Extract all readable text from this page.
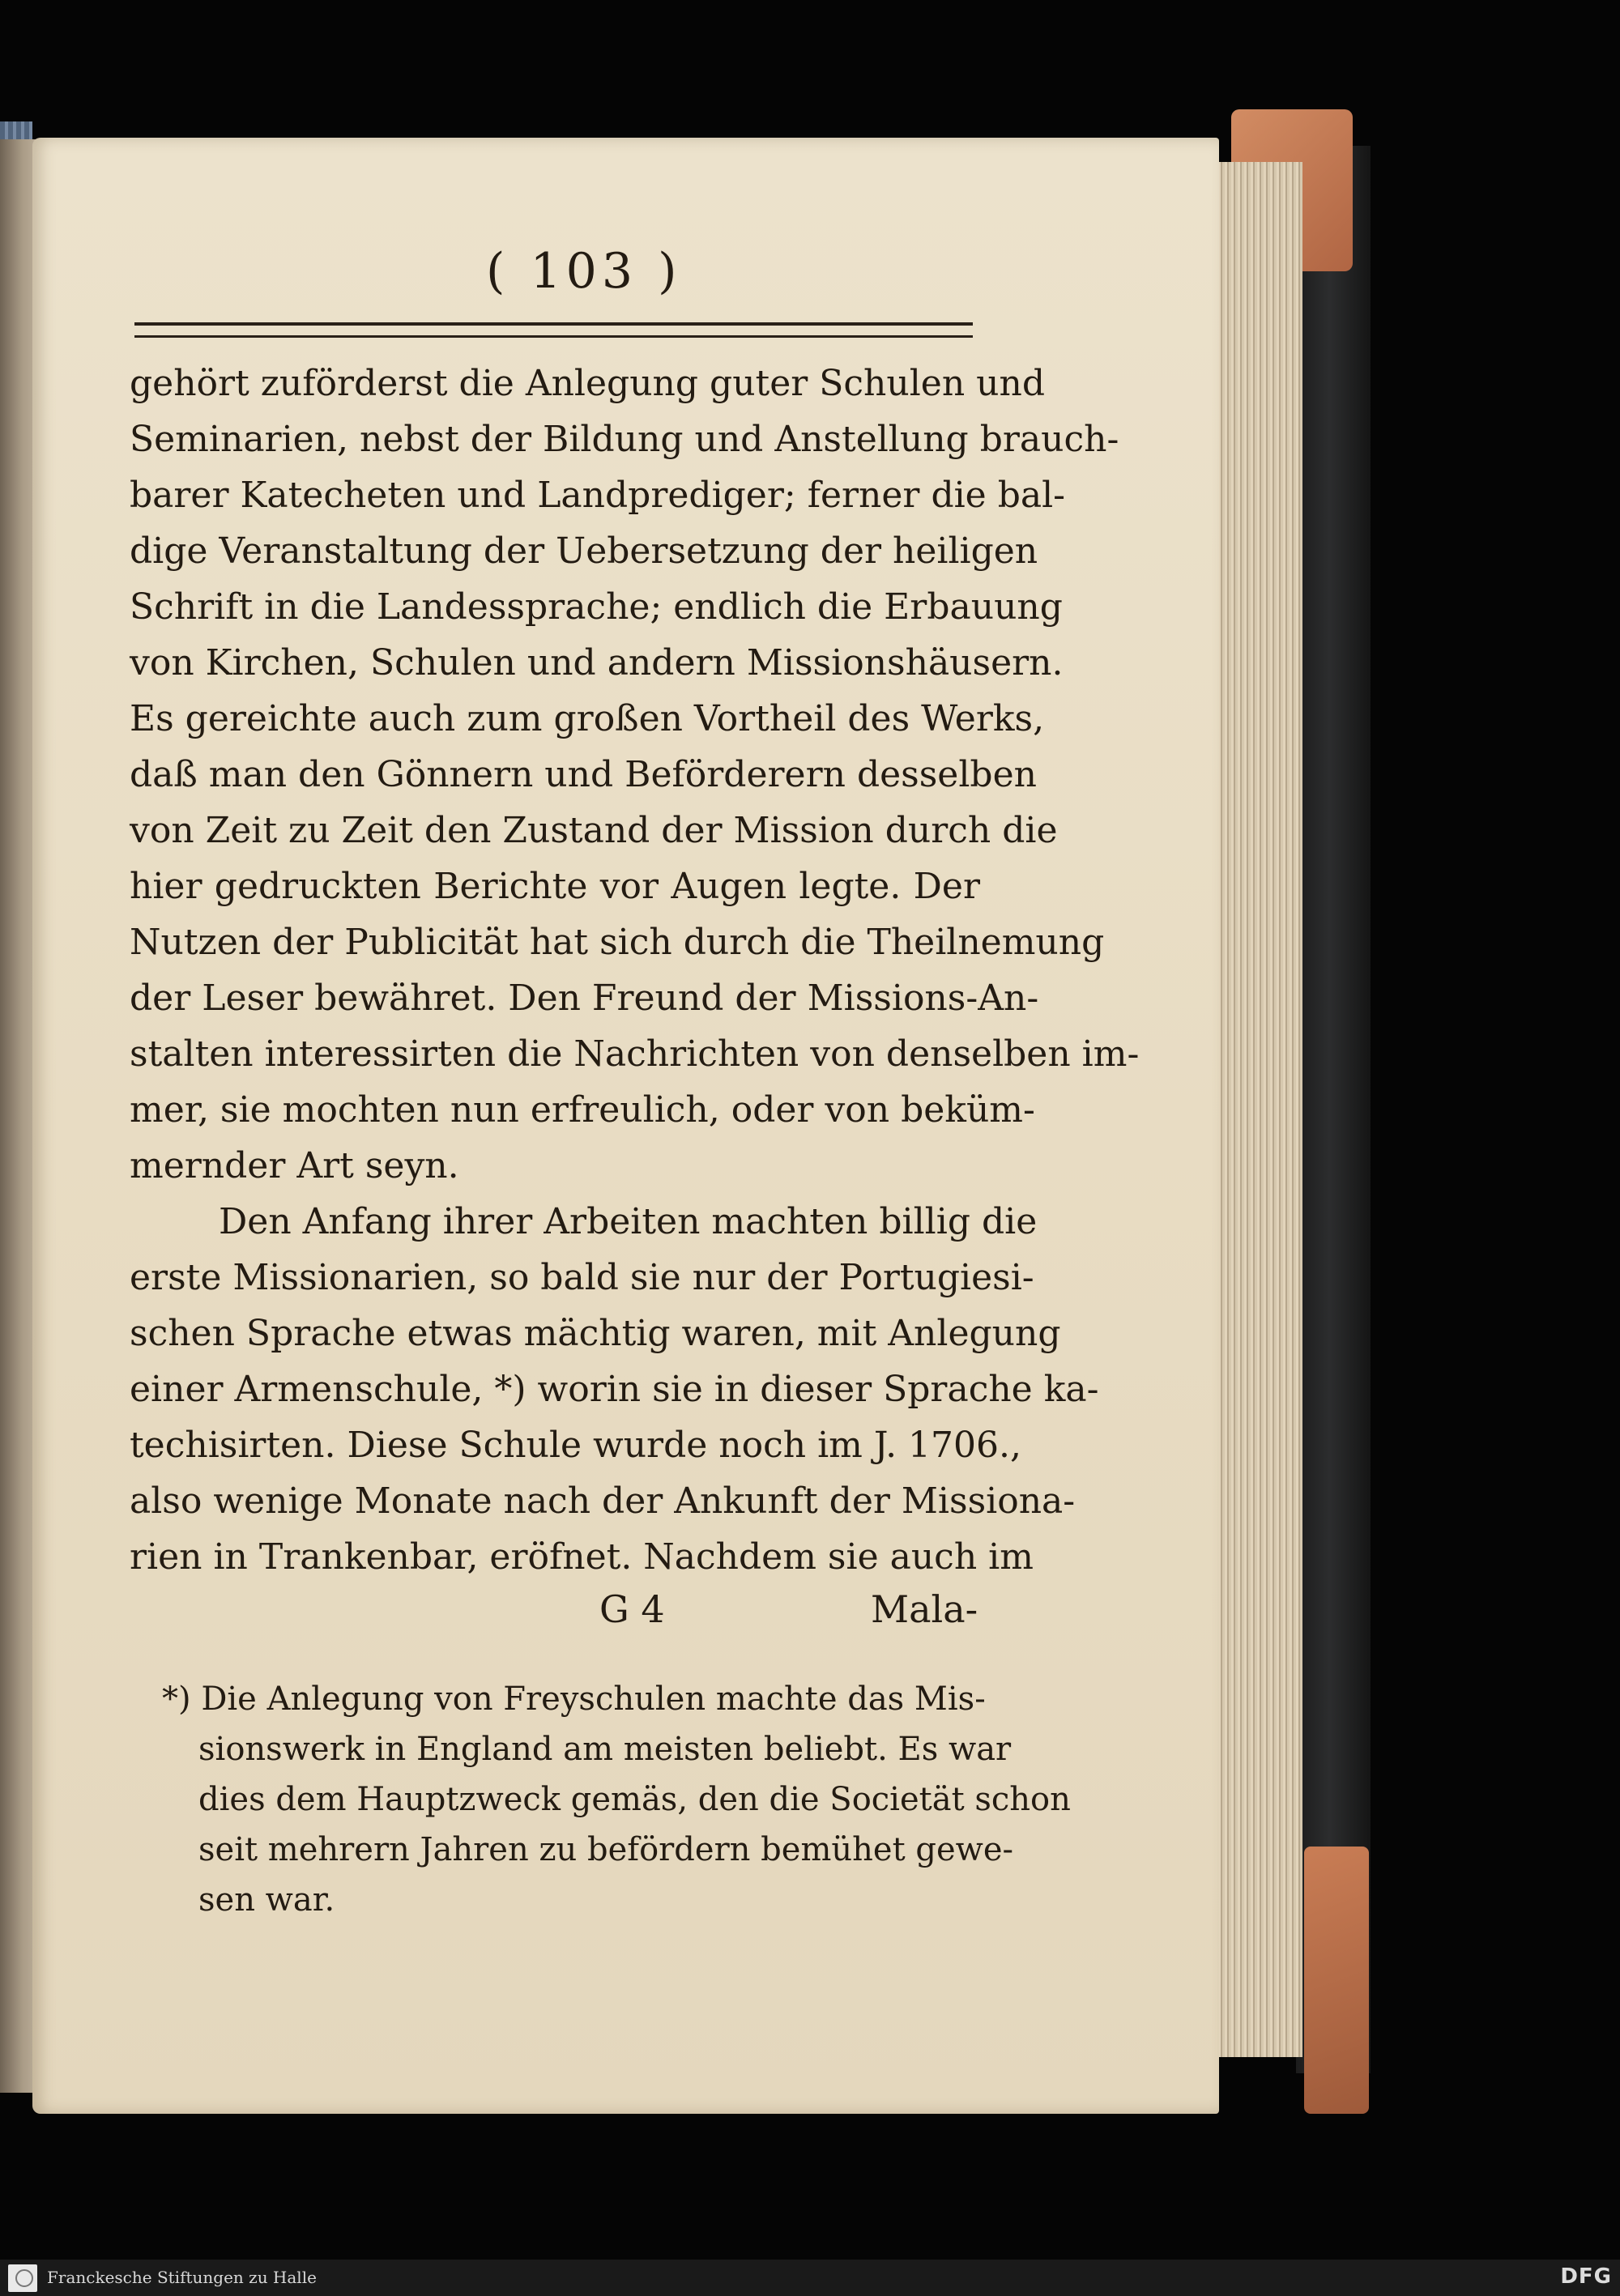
( 103 )
gehört zuförderst die Anlegung guter Schulen und
Seminarien, nebst der Bildung und Anstellung brauch-
barer Katecheten und Landprediger; ferner die bal-
dige Veranstaltung der Uebersetzung der heiligen
Schrift in die Landessprache; endlich die Erbauung
von Kirchen, Schulen und andern Missionshäusern.
Es gereichte auch zum großen Vortheil des Werks,
daß man den Gönnern und Beförderern desselben
von Zeit zu Zeit den Zustand der Mission durch die
hier gedruckten Berichte vor Augen legte. Der
Nutzen der Publicität hat sich durch die Theilnemung
der Leser bewähret. Den Freund der Missions-An-
stalten interessirten die Nachrichten von denselben im-
mer, sie mochten nun erfreulich, oder von beküm-
mernder Art seyn.
Den Anfang ihrer Arbeiten machten billig die
erste Missionarien, so bald sie nur der Portugiesi-
schen Sprache etwas mächtig waren, mit Anlegung
einer Armenschule, *) worin sie in dieser Sprache ka-
techisirten. Diese Schule wurde noch im J. 1706.,
also wenige Monate nach der Ankunft der Missiona-
rien in Trankenbar, eröfnet. Nachdem sie auch im
G 4	Mala-
*) Die Anlegung von Freyschulen machte das Mis-
sionswerk in England am meisten beliebt. Es war
dies dem Hauptzweck gemäs, den die Societät schon
seit mehrern Jahren zu befördern bemühet gewe-
sen war.
Franckesche Stiftungen zu Halle	DFG
